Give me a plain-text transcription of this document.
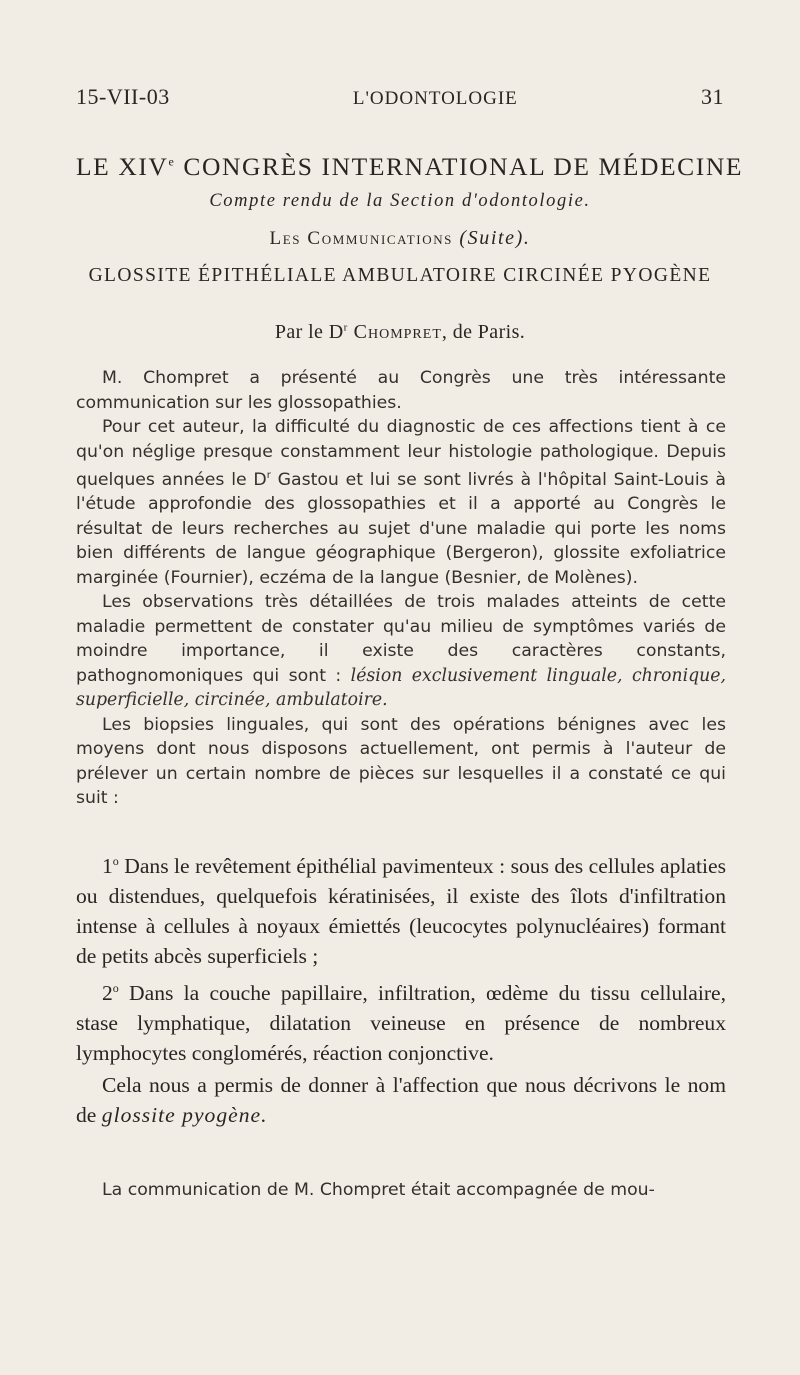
15-VII-03	L'ODONTOLOGIE	31
LE XIVe CONGRÈS INTERNATIONAL DE MÉDECINE
Compte rendu de la Section d'odontologie.
Les Communications (Suite).
GLOSSITE ÉPITHÉLIALE AMBULATOIRE CIRCINÉE PYOGÈNE
Par le $D^r$ Chompret, de Paris.

M. Chompret a présenté au Congrès une très intéressante communication sur les glossopathies.

Pour cet auteur, la difficulté du diagnostic de ces affections tient à ce qu'on néglige presque constamment leur histologie pathologique. Depuis quelques années le $D^r$ Gastou et lui se sont livrés à l'hôpital Saint-Louis à l'étude approfondie des glossopathies et il a apporté au Congrès le résultat de leurs recherches au sujet d'une maladie qui porte les noms bien différents de langue géographique (Bergeron), glossite exfoliatrice marginée (Fournier), eczéma de la langue (Besnier, de Molènes).

Les observations très détaillées de trois malades atteints de cette maladie permettent de constater qu'au milieu de symptômes variés de moindre importance, il existe des caractères constants, pathognomoniques qui sont : lésion exclusivement linguale, chronique, superficielle, circinée, ambulatoire.

Les biopsies linguales, qui sont des opérations bénignes avec les moyens dont nous disposons actuellement, ont permis à l'auteur de prélever un certain nombre de pièces sur lesquelles il a constaté ce qui suit :

1$^o$ Dans le revêtement épithélial pavimenteux : sous des cellules aplaties ou distendues, quelquefois kératinisées, il existe des îlots d'infiltration intense à cellules à noyaux émiettés (leucocytes polynucléaires) formant de petits abcès superficiels ;

2$^o$ Dans la couche papillaire, infiltration, œdème du tissu cellulaire, stase lymphatique, dilatation veineuse en présence de nombreux lymphocytes conglomérés, réaction conjonctive.

Cela nous a permis de donner à l'affection que nous décrivons le nom de glossite pyogène.

La communication de M. Chompret était accompagnée de mou-
